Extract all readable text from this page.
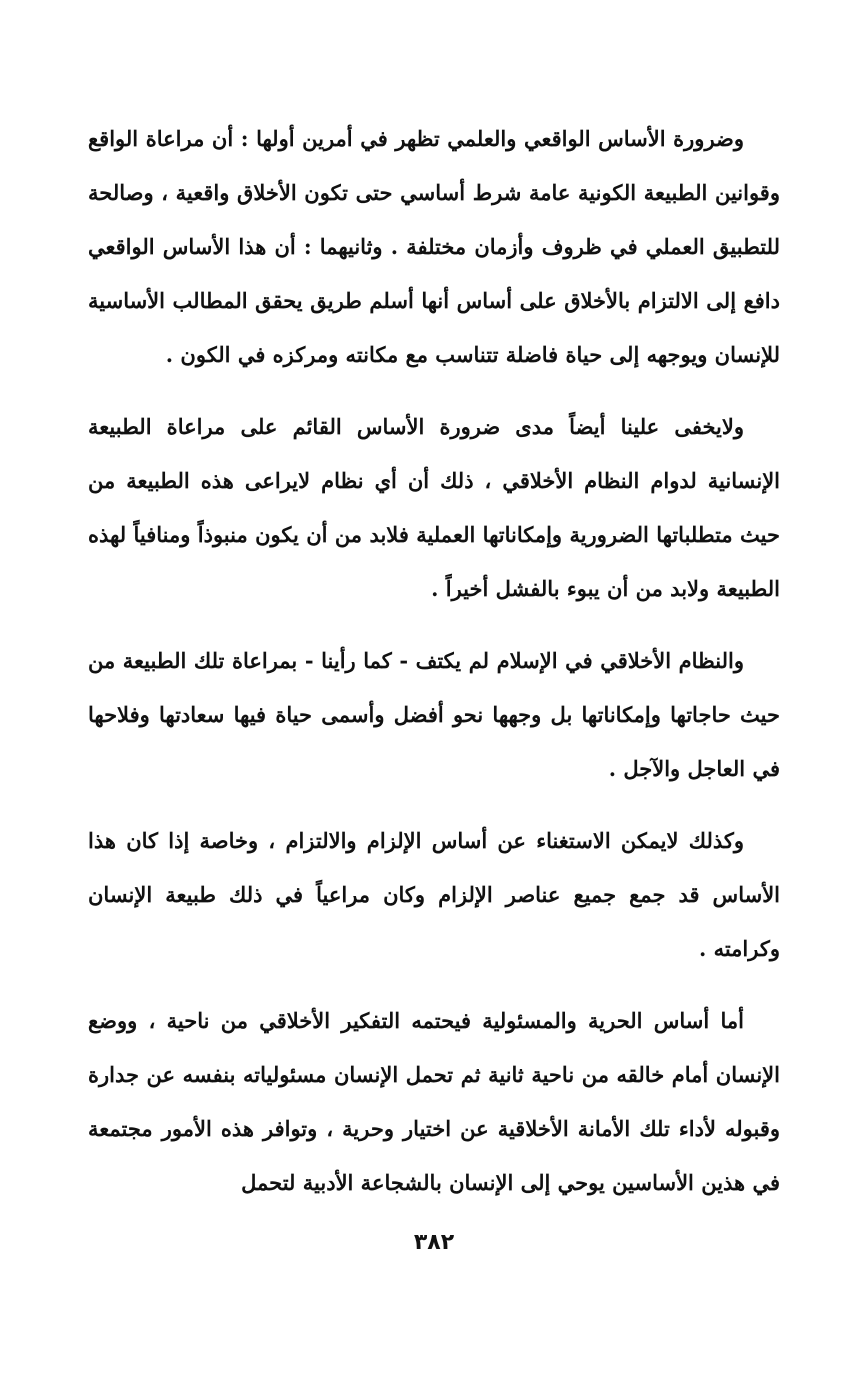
وضرورة الأساس الواقعي والعلمي تظهر في أمرين أولها : أن مراعاة الواقع وقوانين الطبيعة الكونية عامة شرط أساسي حتى تكون الأخلاق واقعية ، وصالحة للتطبيق العملي في ظروف وأزمان مختلفة . وثانيهما : أن هذا الأساس الواقعي دافع إلى الالتزام بالأخلاق على أساس أنها أسلم طريق يحقق المطالب الأساسية للإنسان ويوجهه إلى حياة فاضلة تتناسب مع مكانته ومركزه في الكون .

ولايخفى علينا أيضاً مدى ضرورة الأساس القائم على مراعاة الطبيعة الإنسانية لدوام النظام الأخلاقي ، ذلك أن أي نظام لايراعى هذه الطبيعة من حيث متطلباتها الضرورية وإمكاناتها العملية فلابد من أن يكون منبوذاً ومنافياً لهذه الطبيعة ولابد من أن يبوء بالفشل أخيراً .

والنظام الأخلاقي في الإسلام لم يكتف - كما رأينا - بمراعاة تلك الطبيعة من حيث حاجاتها وإمكاناتها بل وجهها نحو أفضل وأسمى حياة فيها سعادتها وفلاحها في العاجل والآجل .

وكذلك لايمكن الاستغناء عن أساس الإلزام والالتزام ، وخاصة إذا كان هذا الأساس قد جمع جميع عناصر الإلزام وكان مراعياً في ذلك طبيعة الإنسان وكرامته .

أما أساس الحرية والمسئولية فيحتمه التفكير الأخلاقي من ناحية ، ووضع الإنسان أمام خالقه من ناحية ثانية ثم تحمل الإنسان مسئولياته بنفسه عن جدارة وقبوله لأداء تلك الأمانة الأخلاقية عن اختيار وحرية ، وتوافر هذه الأمور مجتمعة في هذين الأساسين يوحي إلى الإنسان بالشجاعة الأدبية لتحمل

٣٨٢
